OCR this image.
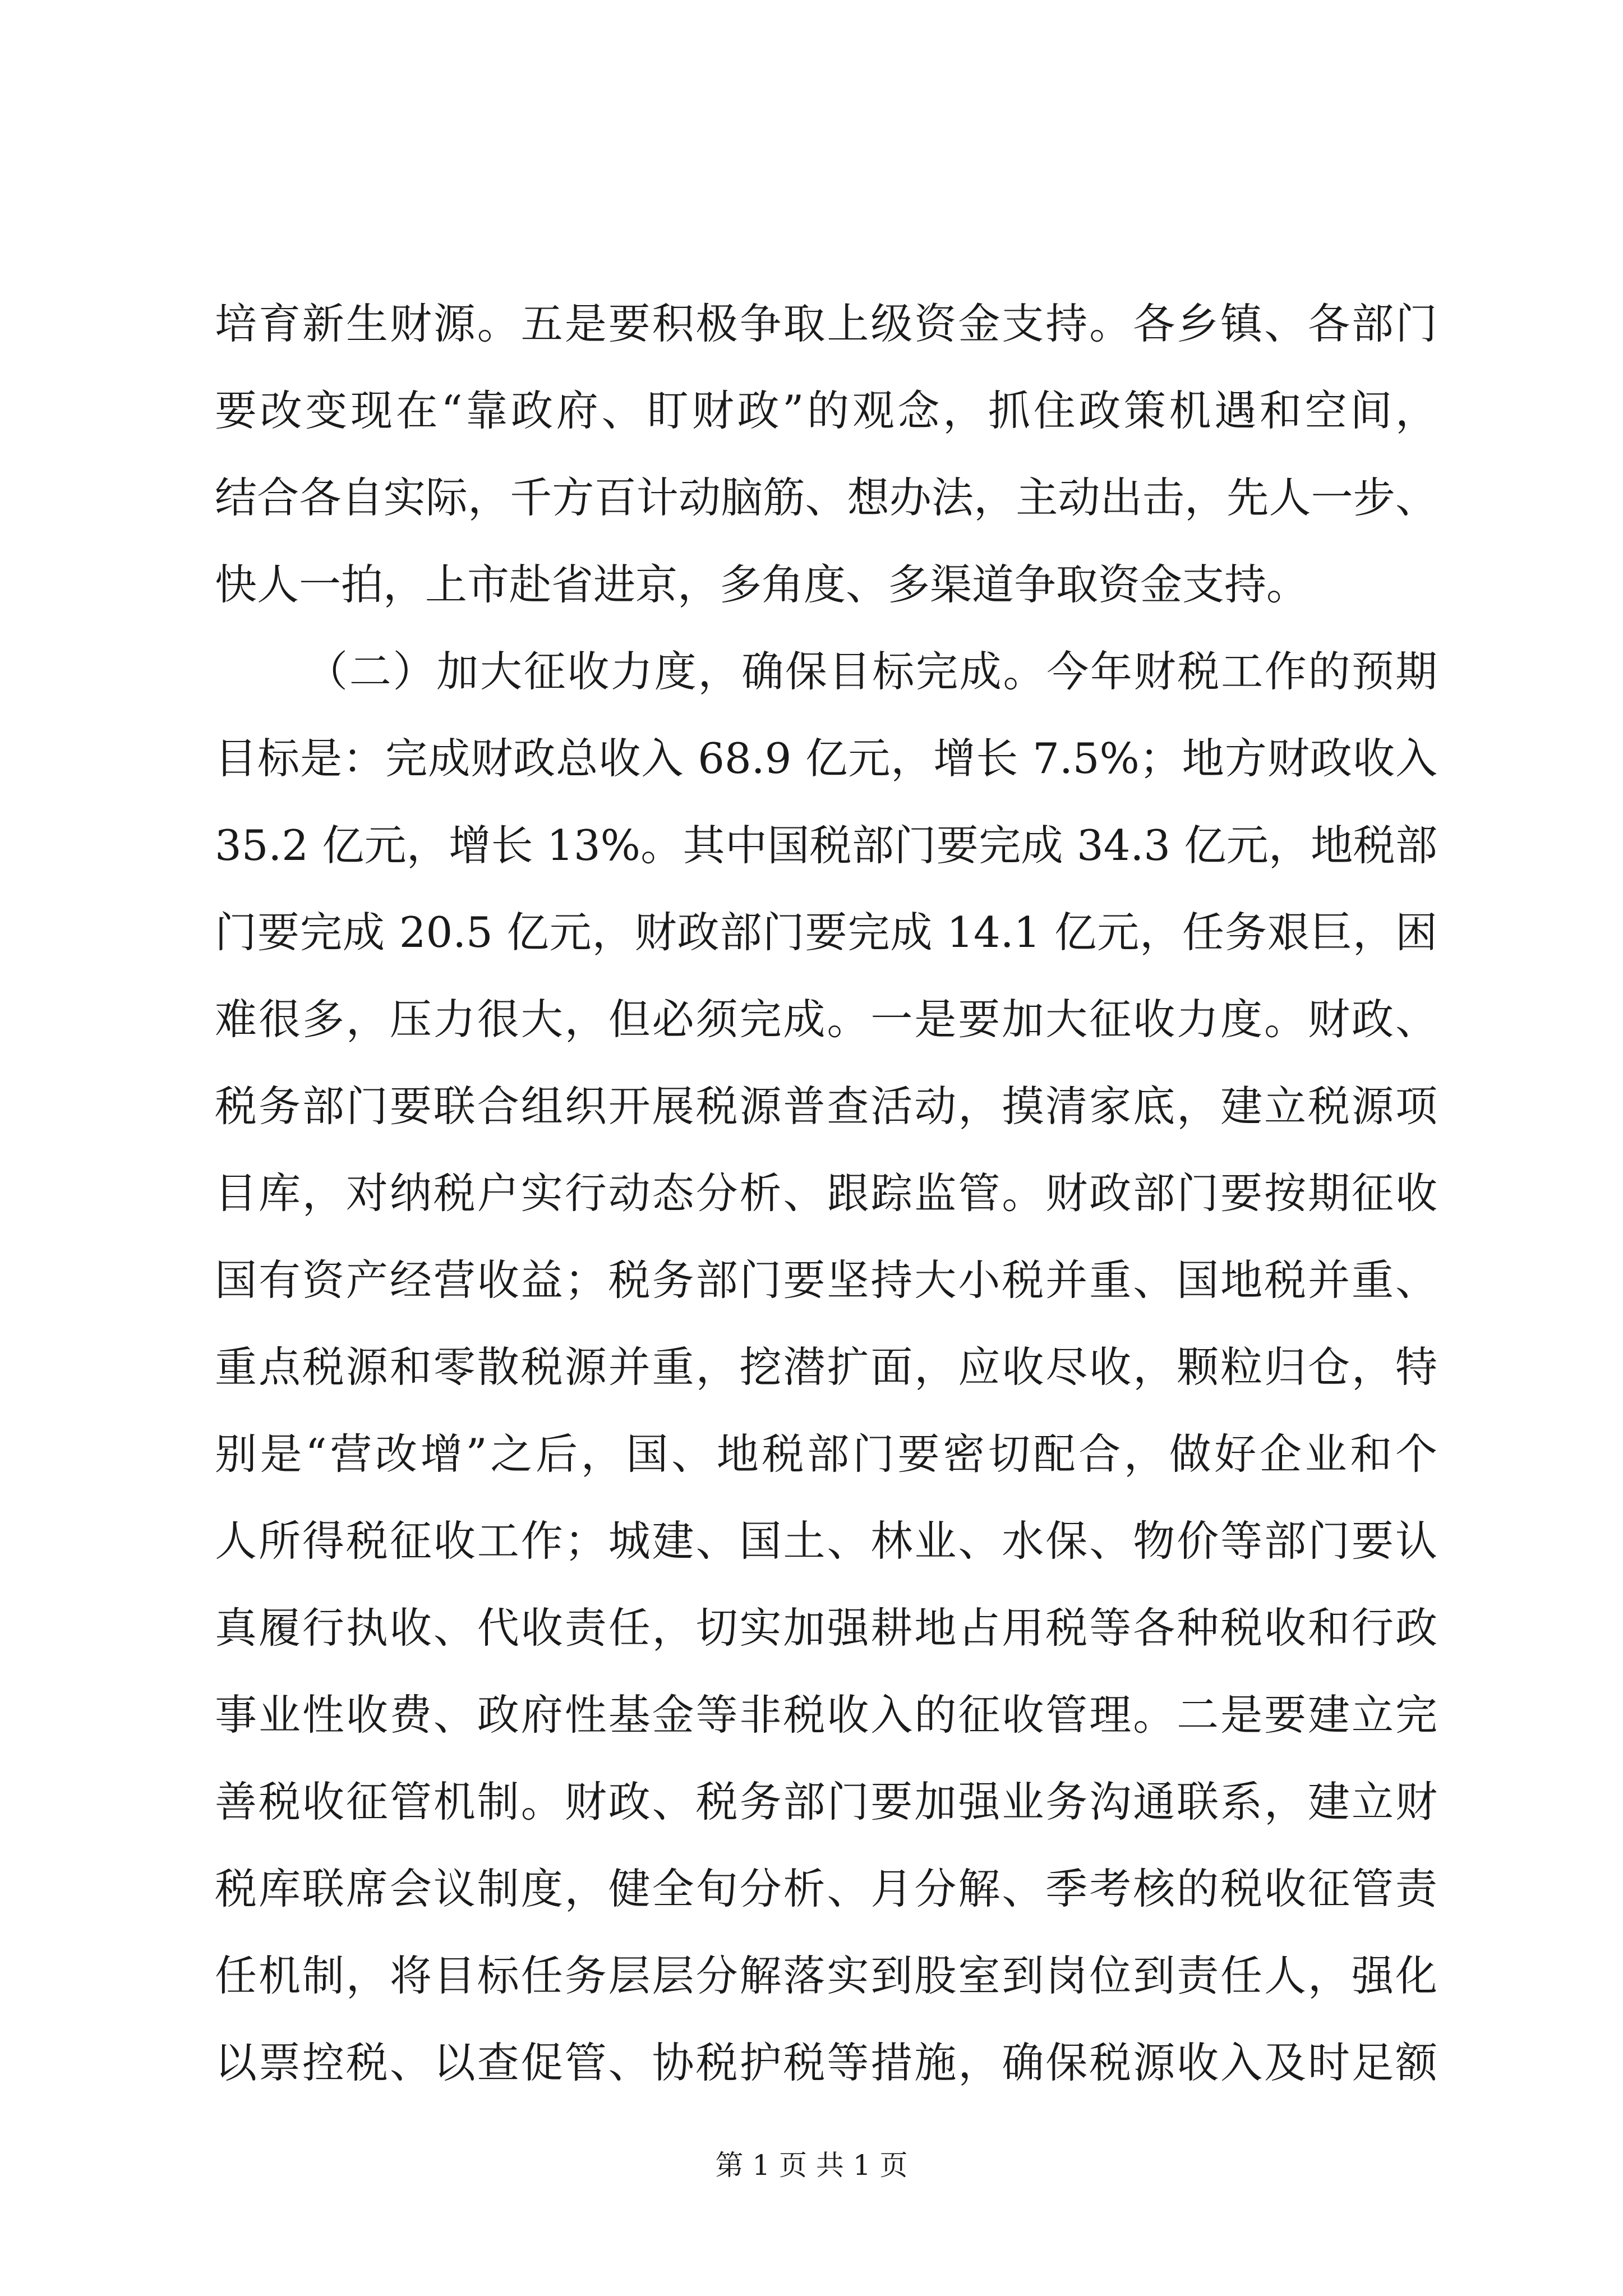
培育新生财源。五是要积极争取上级资金支持。各乡镇、各部门
要改变现在“靠政府、盯财政”的观念，抓住政策机遇和空间，
结合各自实际，千方百计动脑筋、想办法，主动出击，先人一步、
快人一拍，上市赴省进京，多角度、多渠道争取资金支持。
（二）加大征收力度，确保目标完成。今年财税工作的预期
目标是：完成财政总收入 68.9 亿元，增长 7.5%；地方财政收入
35.2 亿元，增长 13%。其中国税部门要完成 34.3 亿元，地税部
门要完成 20.5 亿元，财政部门要完成 14.1 亿元，任务艰巨，困
难很多，压力很大，但必须完成。一是要加大征收力度。财政、
税务部门要联合组织开展税源普查活动，摸清家底，建立税源项
目库，对纳税户实行动态分析、跟踪监管。财政部门要按期征收
国有资产经营收益；税务部门要坚持大小税并重、国地税并重、
重点税源和零散税源并重，挖潜扩面，应收尽收，颗粒归仓，特
别是“营改增”之后，国、地税部门要密切配合，做好企业和个
人所得税征收工作；城建、国土、林业、水保、物价等部门要认
真履行执收、代收责任，切实加强耕地占用税等各种税收和行政
事业性收费、政府性基金等非税收入的征收管理。二是要建立完
善税收征管机制。财政、税务部门要加强业务沟通联系，建立财
税库联席会议制度，健全旬分析、月分解、季考核的税收征管责
任机制，将目标任务层层分解落实到股室到岗位到责任人，强化
以票控税、以查促管、协税护税等措施，确保税源收入及时足额
第 1 页 共 1 页
